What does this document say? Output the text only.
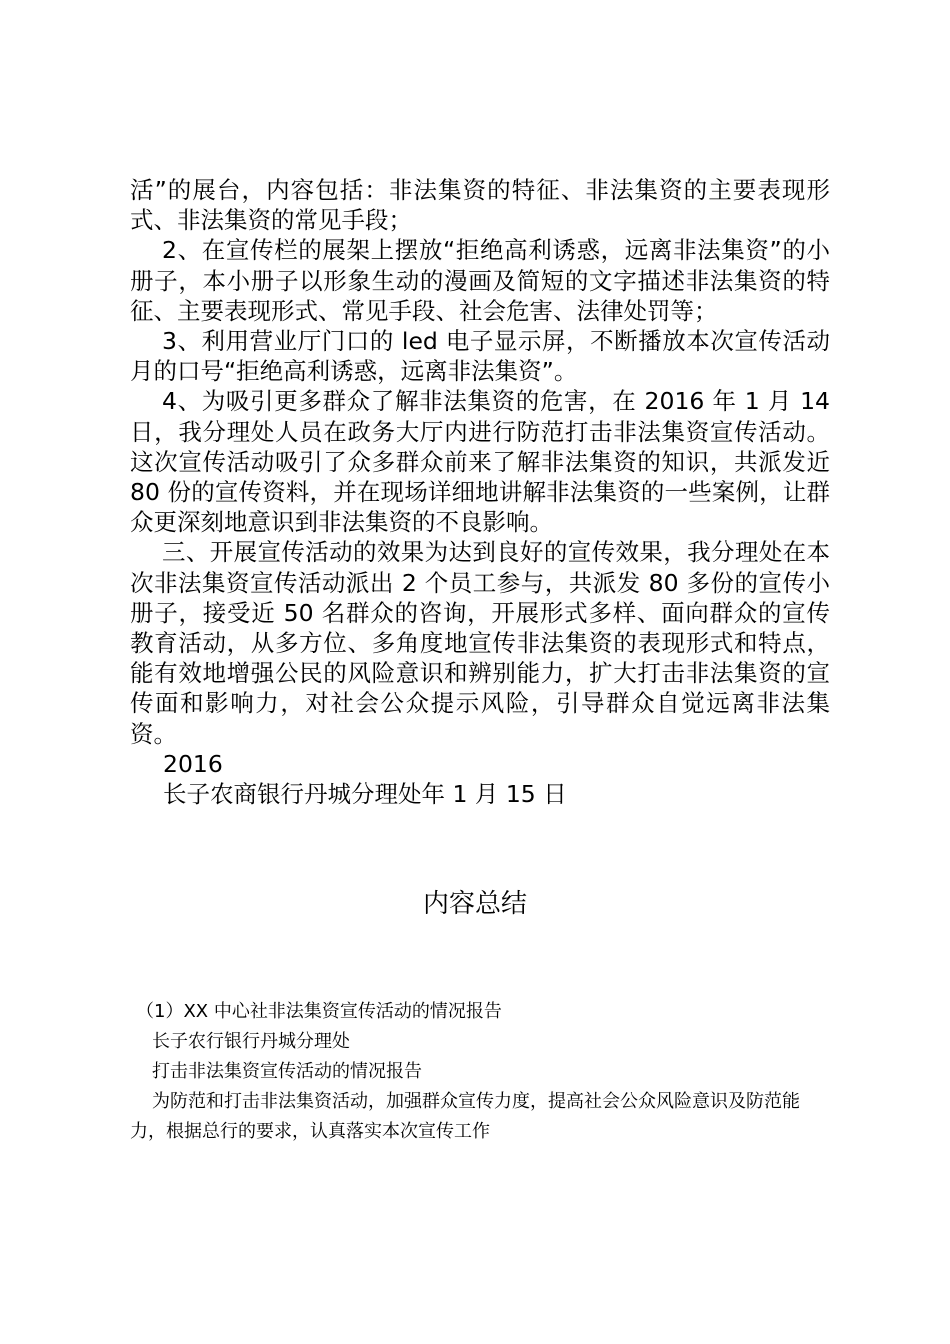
活”的展台，内容包括：非法集资的特征、非法集资的主要表现形式、非法集资的常见手段；

2、在宣传栏的展架上摆放“拒绝高利诱惑，远离非法集资”的小册子，本小册子以形象生动的漫画及简短的文字描述非法集资的特征、主要表现形式、常见手段、社会危害、法律处罚等；

3、利用营业厅门口的 led 电子显示屏，不断播放本次宣传活动月的口号“拒绝高利诱惑，远离非法集资”。

4、为吸引更多群众了解非法集资的危害，在 2016 年 1 月 14 日，我分理处人员在政务大厅内进行防范打击非法集资宣传活动。这次宣传活动吸引了众多群众前来了解非法集资的知识，共派发近 80 份的宣传资料，并在现场详细地讲解非法集资的一些案例，让群众更深刻地意识到非法集资的不良影响。

三、开展宣传活动的效果为达到良好的宣传效果，我分理处在本次非法集资宣传活动派出 2 个员工参与，共派发 80 多份的宣传小册子，接受近 50 名群众的咨询，开展形式多样、面向群众的宣传教育活动，从多方位、多角度地宣传非法集资的表现形式和特点，能有效地增强公民的风险意识和辨别能力，扩大打击非法集资的宣传面和影响力，对社会公众提示风险，引导群众自觉远离非法集资。

2016

长子农商银行丹城分理处年 1 月 15 日

内容总结

（1）XX 中心社非法集资宣传活动的情况报告

长子农行银行丹城分理处

打击非法集资宣传活动的情况报告

为防范和打击非法集资活动，加强群众宣传力度，提高社会公众风险意识及防范能力，根据总行的要求，认真落实本次宣传工作
